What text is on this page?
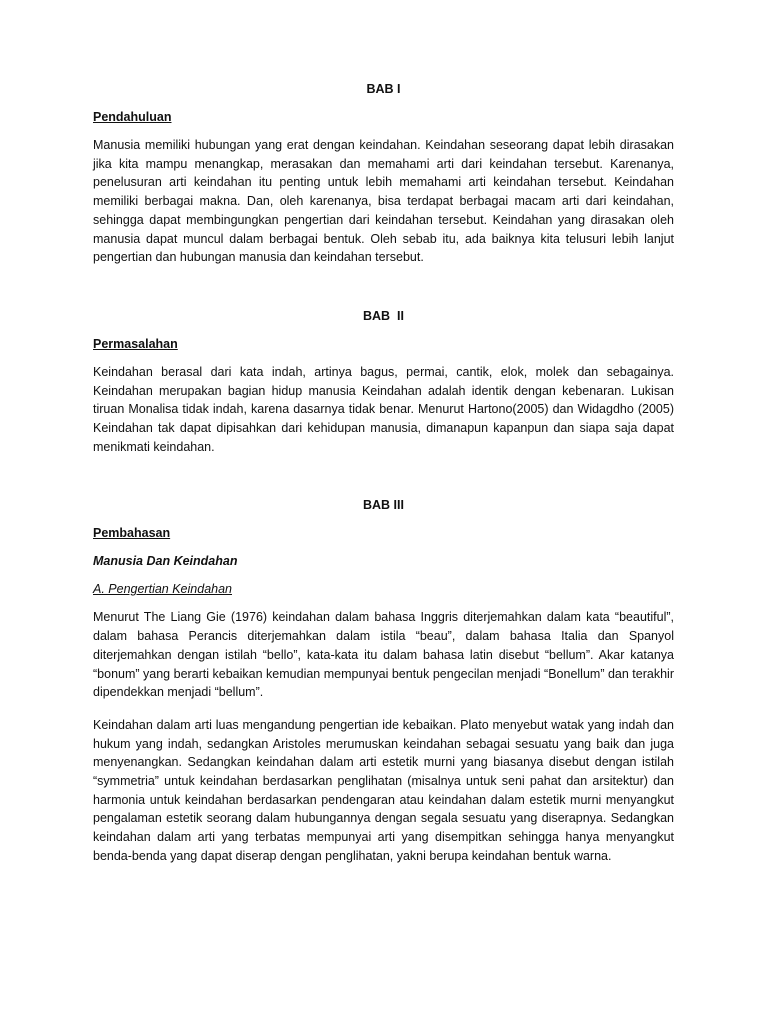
BAB I

Pendahuluan

Manusia memiliki hubungan yang erat dengan keindahan. Keindahan seseorang dapat lebih dirasakan jika kita mampu menangkap, merasakan dan memahami arti dari keindahan tersebut. Karenanya, penelusuran arti keindahan itu penting untuk lebih memahami arti keindahan tersebut. Keindahan memiliki berbagai makna. Dan, oleh karenanya, bisa terdapat berbagai macam arti dari keindahan, sehingga dapat membingungkan pengertian dari keindahan tersebut. Keindahan yang dirasakan oleh manusia dapat muncul dalam berbagai bentuk. Oleh sebab itu, ada baiknya kita telusuri lebih lanjut pengertian dan hubungan manusia dan keindahan tersebut.

BAB  II

Permasalahan

Keindahan berasal dari kata indah, artinya bagus, permai, cantik, elok, molek dan sebagainya. Keindahan merupakan bagian hidup manusia Keindahan adalah identik dengan kebenaran. Lukisan tiruan Monalisa tidak indah, karena dasarnya tidak benar. Menurut Hartono(2005) dan Widagdho (2005) Keindahan tak dapat dipisahkan dari kehidupan manusia, dimanapun kapanpun dan siapa saja dapat menikmati keindahan.

BAB III

Pembahasan

Manusia Dan Keindahan

A. Pengertian Keindahan

Menurut The Liang Gie (1976) keindahan dalam bahasa Inggris diterjemahkan dalam kata “beautiful”, dalam bahasa Perancis diterjemahkan dalam istila “beau”, dalam bahasa Italia dan Spanyol diterjemahkan dengan istilah “bello”, kata-kata itu dalam bahasa latin disebut “bellum”. Akar katanya “bonum” yang berarti kebaikan kemudian mempunyai bentuk pengecilan menjadi “Bonellum” dan terakhir dipendekkan menjadi “bellum”.

Keindahan dalam arti luas mengandung pengertian ide kebaikan. Plato menyebut watak yang indah dan hukum yang indah, sedangkan Aristoles merumuskan keindahan sebagai sesuatu yang baik dan juga menyenangkan. Sedangkan keindahan dalam arti estetik murni yang biasanya disebut dengan istilah “symmetria” untuk keindahan berdasarkan penglihatan (misalnya untuk seni pahat dan arsitektur) dan harmonia untuk keindahan berdasarkan pendengaran atau keindahan dalam estetik murni menyangkut pengalaman estetik seorang dalam hubungannya dengan segala sesuatu yang diserapnya. Sedangkan keindahan dalam arti yang terbatas mempunyai arti yang disempitkan sehingga hanya menyangkut benda-benda yang dapat diserap dengan penglihatan, yakni berupa keindahan bentuk warna.
